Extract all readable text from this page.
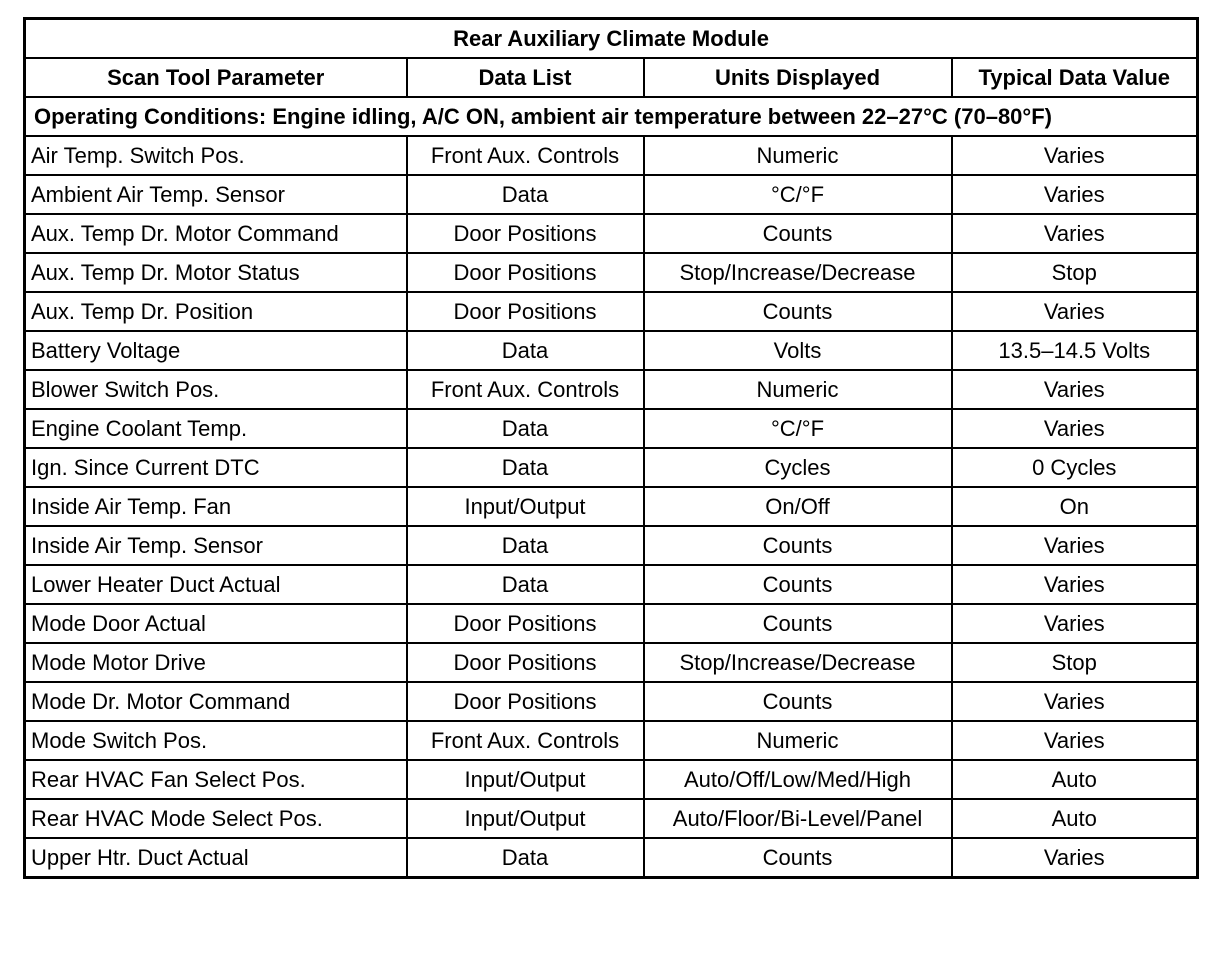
Rear Auxiliary Climate Module			
Scan Tool Parameter	Data List	Units Displayed	Typical Data Value
Operating Conditions: Engine idling, A/C ON, ambient air temperature between 22–27°C (70–80°F)			
Air Temp. Switch Pos.	Front Aux. Controls	Numeric	Varies
Ambient Air Temp. Sensor	Data	°C/°F	Varies
Aux. Temp Dr. Motor Command	Door Positions	Counts	Varies
Aux. Temp Dr. Motor Status	Door Positions	Stop/Increase/Decrease	Stop
Aux. Temp Dr. Position	Door Positions	Counts	Varies
Battery Voltage	Data	Volts	13.5–14.5 Volts
Blower Switch Pos.	Front Aux. Controls	Numeric	Varies
Engine Coolant Temp.	Data	°C/°F	Varies
Ign. Since Current DTC	Data	Cycles	0 Cycles
Inside Air Temp. Fan	Input/Output	On/Off	On
Inside Air Temp. Sensor	Data	Counts	Varies
Lower Heater Duct Actual	Data	Counts	Varies
Mode Door Actual	Door Positions	Counts	Varies
Mode Motor Drive	Door Positions	Stop/Increase/Decrease	Stop
Mode Dr. Motor Command	Door Positions	Counts	Varies
Mode Switch Pos.	Front Aux. Controls	Numeric	Varies
Rear HVAC Fan Select Pos.	Input/Output	Auto/Off/Low/Med/High	Auto
Rear HVAC Mode Select Pos.	Input/Output	Auto/Floor/Bi-Level/Panel	Auto
Upper Htr. Duct Actual	Data	Counts	Varies
